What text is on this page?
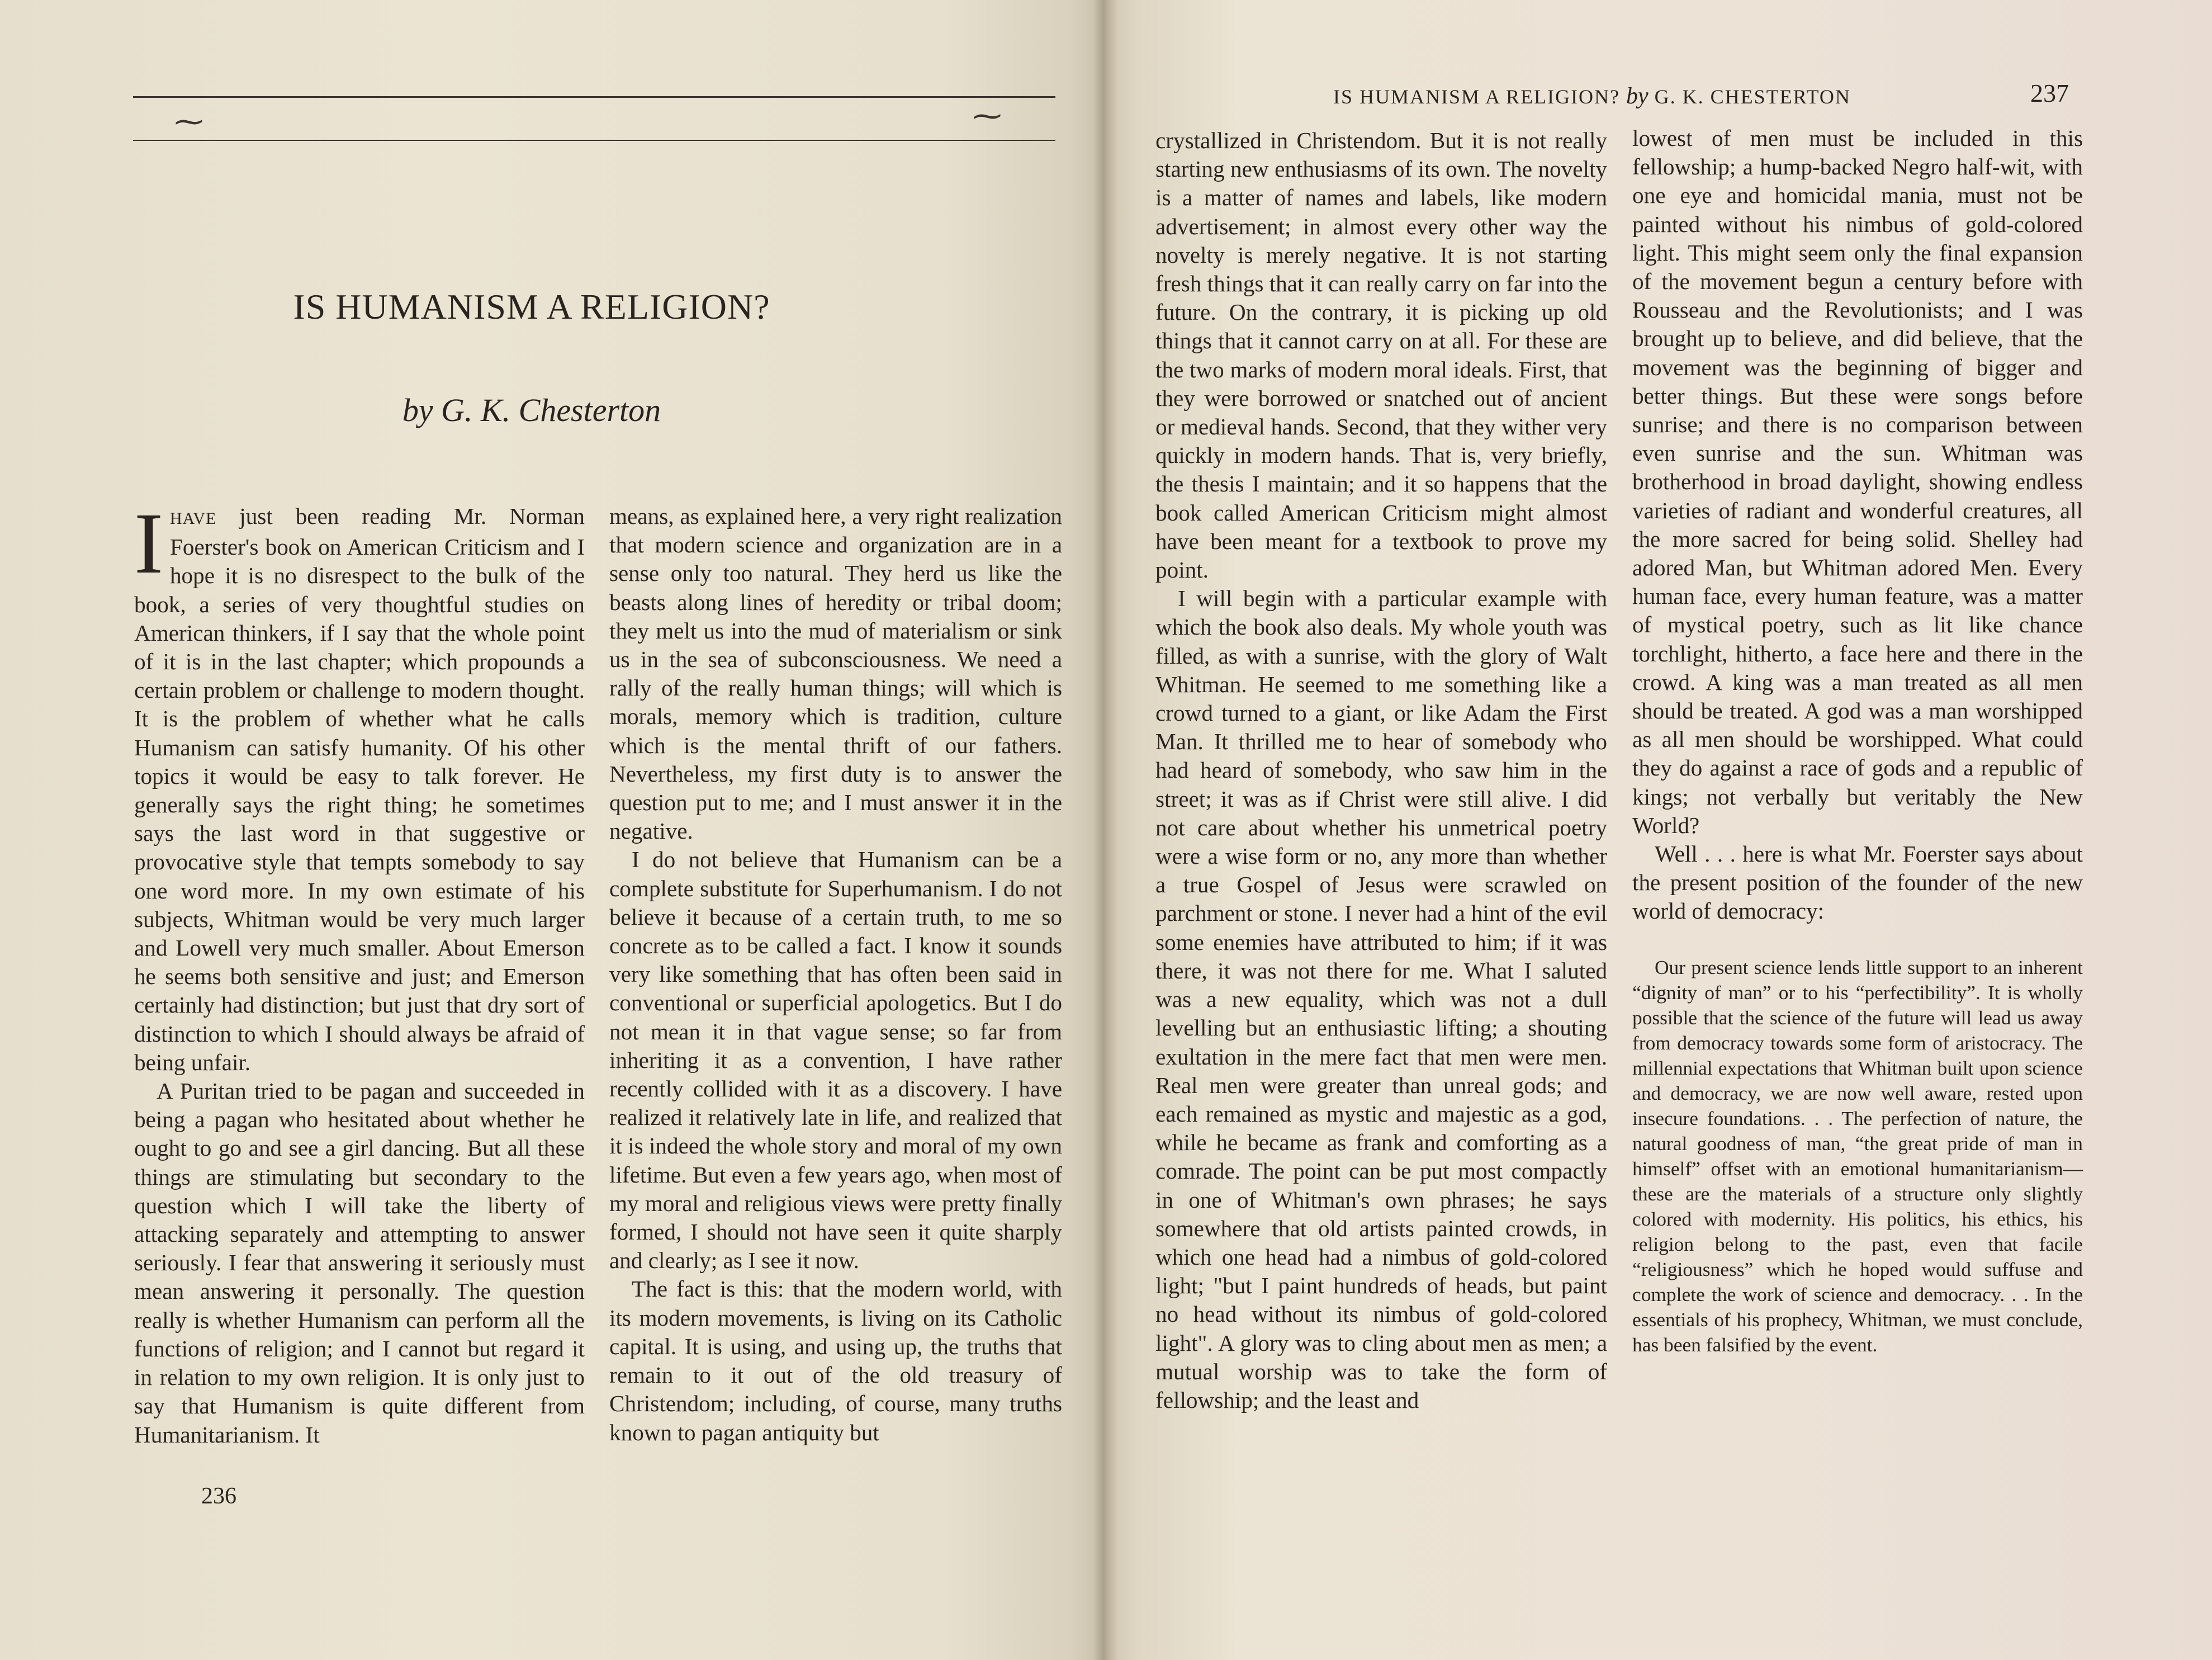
⁓	⁓
IS HUMANISM A RELIGION?
by G. K. Chesterton

IHAVE just been reading Mr. Norman Foerster's book on American Criticism and I hope it is no disrespect to the bulk of the book, a series of very thoughtful studies on American thinkers, if I say that the whole point of it is in the last chapter; which propounds a certain problem or challenge to modern thought. It is the problem of whether what he calls Humanism can satisfy humanity. Of his other topics it would be easy to talk forever. He generally says the right thing; he sometimes says the last word in that suggestive or provocative style that tempts somebody to say one word more. In my own estimate of his subjects, Whitman would be very much larger and Lowell very much smaller. About Emerson he seems both sensitive and just; and Emerson certainly had distinction; but just that dry sort of distinction to which I should always be afraid of being unfair.

A Puritan tried to be pagan and succeeded in being a pagan who hesitated about whether he ought to go and see a girl dancing. But all these things are stimulating but secondary to the question which I will take the liberty of attacking separately and attempting to answer seriously. I fear that answering it seriously must mean answering it personally. The question really is whether Humanism can perform all the functions of religion; and I cannot but regard it in relation to my own religion. It is only just to say that Humanism is quite different from Humanitarianism. It

means, as explained here, a very right realization that modern science and organization are in a sense only too natural. They herd us like the beasts along lines of heredity or tribal doom; they melt us into the mud of materialism or sink us in the sea of subconsciousness. We need a rally of the really human things; will which is morals, memory which is tradition, culture which is the mental thrift of our fathers. Nevertheless, my first duty is to answer the question put to me; and I must answer it in the negative.

I do not believe that Humanism can be a complete substitute for Superhumanism. I do not believe it because of a certain truth, to me so concrete as to be called a fact. I know it sounds very like something that has often been said in conventional or superficial apologetics. But I do not mean it in that vague sense; so far from inheriting it as a convention, I have rather recently collided with it as a discovery. I have realized it relatively late in life, and realized that it is indeed the whole story and moral of my own lifetime. But even a few years ago, when most of my moral and religious views were pretty finally formed, I should not have seen it quite sharply and clearly; as I see it now.

The fact is this: that the modern world, with its modern movements, is living on its Catholic capital. It is using, and using up, the truths that remain to it out of the old treasury of Christendom; including, of course, many truths known to pagan antiquity but

236
IS HUMANISM A RELIGION? by G. K. CHESTERTON	237

crystallized in Christendom. But it is not really starting new enthusiasms of its own. The novelty is a matter of names and labels, like modern advertisement; in almost every other way the novelty is merely negative. It is not starting fresh things that it can really carry on far into the future. On the contrary, it is picking up old things that it cannot carry on at all. For these are the two marks of modern moral ideals. First, that they were borrowed or snatched out of ancient or medieval hands. Second, that they wither very quickly in modern hands. That is, very briefly, the thesis I maintain; and it so happens that the book called American Criticism might almost have been meant for a textbook to prove my point.

I will begin with a particular example with which the book also deals. My whole youth was filled, as with a sunrise, with the glory of Walt Whitman. He seemed to me something like a crowd turned to a giant, or like Adam the First Man. It thrilled me to hear of somebody who had heard of somebody, who saw him in the street; it was as if Christ were still alive. I did not care about whether his unmetrical poetry were a wise form or no, any more than whether a true Gospel of Jesus were scrawled on parchment or stone. I never had a hint of the evil some enemies have attributed to him; if it was there, it was not there for me. What I saluted was a new equality, which was not a dull levelling but an enthusiastic lifting; a shouting exultation in the mere fact that men were men. Real men were greater than unreal gods; and each remained as mystic and majestic as a god, while he became as frank and comforting as a comrade. The point can be put most compactly in one of Whitman's own phrases; he says somewhere that old artists painted crowds, in which one head had a nimbus of gold-colored light; "but I paint hundreds of heads, but paint no head without its nimbus of gold-colored light". A glory was to cling about men as men; a mutual worship was to take the form of fellowship; and the least and

lowest of men must be included in this fellowship; a hump-backed Negro half-wit, with one eye and homicidal mania, must not be painted without his nimbus of gold-colored light. This might seem only the final expansion of the movement begun a century before with Rousseau and the Revolutionists; and I was brought up to believe, and did believe, that the movement was the beginning of bigger and better things. But these were songs before sunrise; and there is no comparison between even sunrise and the sun. Whitman was brotherhood in broad daylight, showing endless varieties of radiant and wonderful creatures, all the more sacred for being solid. Shelley had adored Man, but Whitman adored Men. Every human face, every human feature, was a matter of mystical poetry, such as lit like chance torchlight, hitherto, a face here and there in the crowd. A king was a man treated as all men should be treated. A god was a man worshipped as all men should be worshipped. What could they do against a race of gods and a republic of kings; not verbally but veritably the New World?

Well . . . here is what Mr. Foerster says about the present position of the founder of the new world of democracy:

Our present science lends little support to an inherent “dignity of man” or to his “perfectibility”. It is wholly possible that the science of the future will lead us away from democracy towards some form of aristocracy. The millennial expectations that Whitman built upon science and democracy, we are now well aware, rested upon insecure foundations. . . The perfection of nature, the natural goodness of man, “the great pride of man in himself” offset with an emotional humanitarianism—these are the materials of a structure only slightly colored with modernity. His politics, his ethics, his religion belong to the past, even that facile “religiousness” which he hoped would suffuse and complete the work of science and democracy. . . In the essentials of his prophecy, Whitman, we must conclude, has been falsified by the event.
